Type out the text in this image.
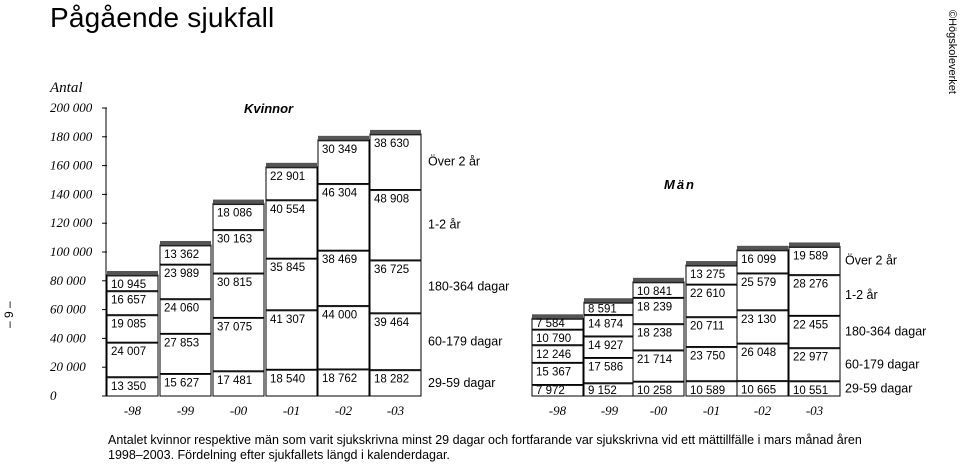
Pågående sjukfall	©Högskoleverket
– 9 –
Antal
0
20 000
40 000
60 000
80 000
100 000
120 000
140 000
160 000
180 000
200 000	Kvinnor
13 350
24 007
19 085
16 657
10 945
-98
15 627
27 853
24 060
23 989
13 362
-99
17 481
37 075
30 815
30 163
18 086
-00
18 540
41 307
35 845
40 554
22 901
-01
18 762
44 000
38 469
46 304
30 349
-02
18 282
39 464
36 725
48 908
38 630
-03
29-59 dagar
60-179 dagar
180-364 dagar
1-2 år
Över 2 år
Män
7 972
15 367
12 246
10 790
7 584
-98
9 152
17 586
14 927
14 874
8 591
-99
10 258
21 714
18 238
18 239
10 841
-00
10 589
23 750
20 711
22 610
13 275
-01
10 665
26 048
23 130
25 579
16 099
-02
10 551
22 977
22 455
28 276
19 589
-03
29-59 dagar
60-179 dagar
180-364 dagar
1-2 år
Över 2 år
Antalet kvinnor respektive män som varit sjukskrivna minst 29 dagar och fortfarande var sjukskrivna vid ett mättillfälle i mars månad åren 1998–2003. Fördelning efter sjukfallets längd i kalenderdagar.
